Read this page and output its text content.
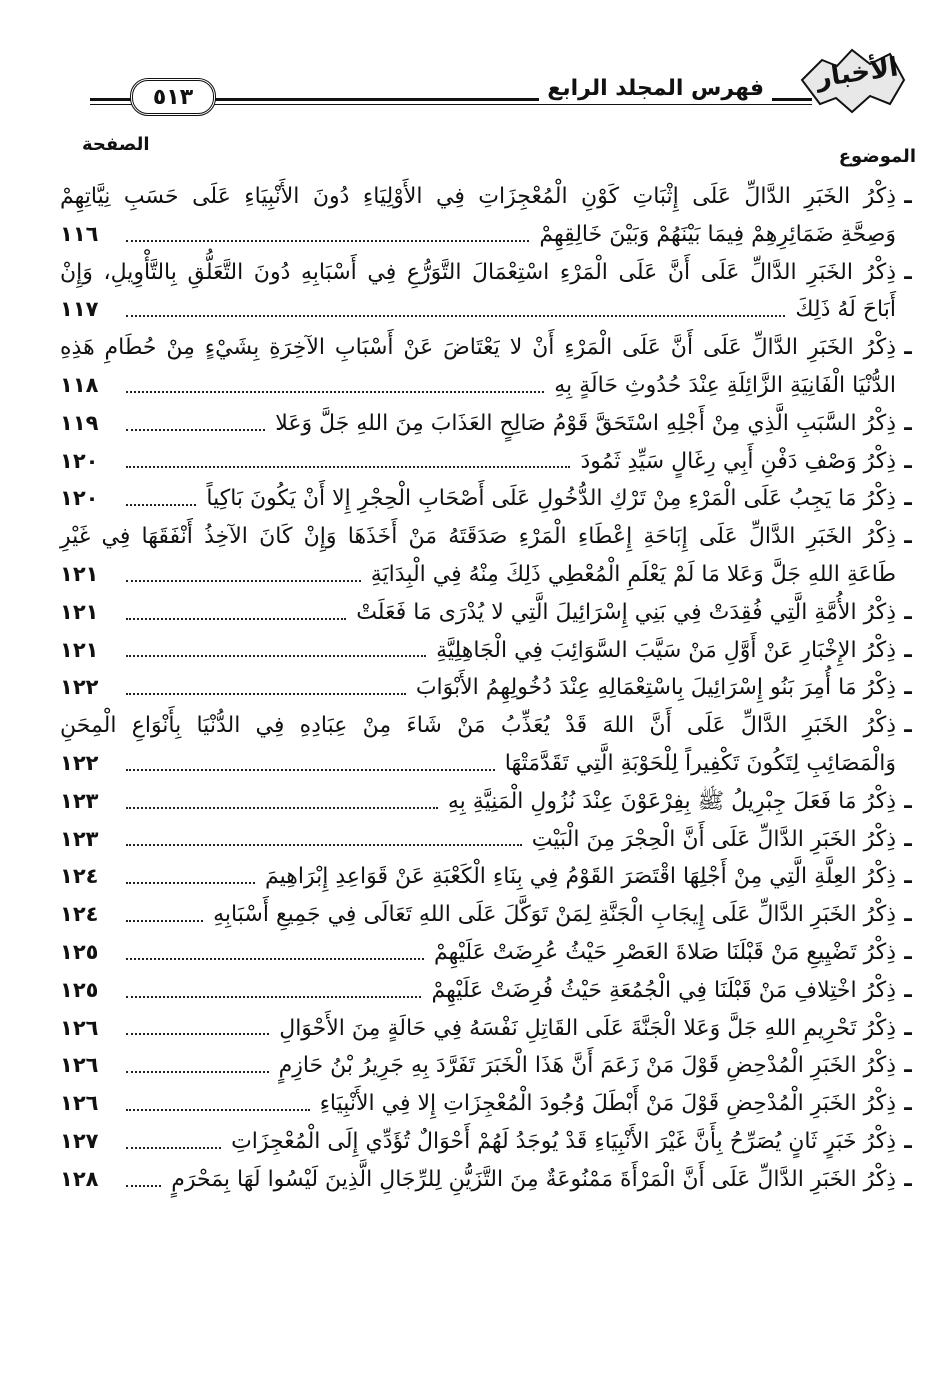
٥١٣	فهرس المجلد الرابع	الأخبار
الموضوع
الصفحة
ـ
ذِكْرُ الخَبَرِ الدَّالِّ عَلَى إِثْبَاتِ كَوْنِ الْمُعْجِزَاتِ فِي الأَوْلِيَاءِ دُونَ الأَنْبِيَاءِ عَلَى حَسَبِ نِيَّاتِهِمْ
وَصِحَّةِ ضَمَائِرِهِمْ فِيمَا بَيْنَهُمْ وَبَيْنَ خَالِقِهِمْ
١١٦
ـ
ذِكْرُ الخَبَرِ الدَّالِّ عَلَى أَنَّ عَلَى الْمَرْءِ اسْتِعْمَالَ التَّوَرُّعِ فِي أَسْبَابِهِ دُونَ التَّعَلُّقِ بِالتَّأْوِيلِ، وَإِنْ
أَبَاحَ لَهُ ذَلِكَ
١١٧
ـ
ذِكْرُ الخَبَرِ الدَّالِّ عَلَى أَنَّ عَلَى الْمَرْءِ أَنْ لا يَعْتَاضَ عَنْ أَسْبَابِ الآخِرَةِ بِشَيْءٍ مِنْ حُطَامِ هَذِهِ
الدُّنْيَا الْفَانِيَةِ الزَّائِلَةِ عِنْدَ حُدُوثِ حَالَةٍ بِهِ
١١٨
ـ
ذِكْرُ السَّبَبِ الَّذِي مِنْ أَجْلِهِ اسْتَحَقَّ قَوْمُ صَالِحٍ العَذَابَ مِنَ اللهِ جَلَّ وَعَلا
١١٩
ـ
ذِكْرُ وَصْفِ دَفْنِ أَبِي رِغَالٍ سَيِّدِ ثَمُودَ
١٢٠
ـ
ذِكْرُ مَا يَجِبُ عَلَى الْمَرْءِ مِنْ تَرْكِ الدُّخُولِ عَلَى أَصْحَابِ الْحِجْرِ إِلا أَنْ يَكُونَ بَاكِياً
١٢٠
ـ
ذِكْرُ الخَبَرِ الدَّالِّ عَلَى إِبَاحَةِ إِعْطَاءِ الْمَرْءِ صَدَقَتَهُ مَنْ أَخَذَهَا وَإِنْ كَانَ الآخِذُ أَنْفَقَهَا فِي غَيْرِ
طَاعَةِ اللهِ جَلَّ وَعَلا مَا لَمْ يَعْلَمِ الْمُعْطِي ذَلِكَ مِنْهُ فِي الْبِدَايَةِ
١٢١
ـ
ذِكْرُ الأُمَّةِ الَّتِي فُقِدَتْ فِي بَنِي إِسْرَائِيلَ الَّتِي لا يُدْرَى مَا فَعَلَتْ
١٢١
ـ
ذِكْرُ الإِخْبَارِ عَنْ أَوَّلِ مَنْ سَيَّبَ السَّوَائِبَ فِي الْجَاهِلِيَّةِ
١٢١
ـ
ذِكْرُ مَا أُمِرَ بَنُو إِسْرَائِيلَ بِاسْتِعْمَالِهِ عِنْدَ دُخُولِهِمُ الأَبْوَابَ
١٢٢
ـ
ذِكْرُ الخَبَرِ الدَّالِّ عَلَى أَنَّ اللهَ قَدْ يُعَذِّبُ مَنْ شَاءَ مِنْ عِبَادِهِ فِي الدُّنْيَا بِأَنْوَاعِ الْمِحَنِ
وَالْمَصَائِبِ لِتَكُونَ تَكْفِيراً لِلْحَوْبَةِ الَّتِي تَقَدَّمَتْهَا
١٢٢
ـ
ذِكْرُ مَا فَعَلَ جِبْرِيلُ ﷺ بِفِرْعَوْنَ عِنْدَ نُزُولِ الْمَنِيَّةِ بِهِ
١٢٣
ـ
ذِكْرُ الخَبَرِ الدَّالِّ عَلَى أَنَّ الْحِجْرَ مِنَ الْبَيْتِ
١٢٣
ـ
ذِكْرُ العِلَّةِ الَّتِي مِنْ أَجْلِهَا اقْتَصَرَ القَوْمُ فِي بِنَاءِ الْكَعْبَةِ عَنْ قَوَاعِدِ إِبْرَاهِيمَ
١٢٤
ـ
ذِكْرُ الخَبَرِ الدَّالِّ عَلَى إِيجَابِ الْجَنَّةِ لِمَنْ تَوَكَّلَ عَلَى اللهِ تَعَالَى فِي جَمِيعِ أَسْبَابِهِ
١٢٤
ـ
ذِكْرُ تَضْيِيعِ مَنْ قَبْلَنَا صَلاةَ العَصْرِ حَيْثُ عُرِضَتْ عَلَيْهِمْ
١٢٥
ـ
ذِكْرُ اخْتِلافِ مَنْ قَبْلَنَا فِي الْجُمُعَةِ حَيْثُ فُرِضَتْ عَلَيْهِمْ
١٢٥
ـ
ذِكْرُ تَحْرِيمِ اللهِ جَلَّ وَعَلا الْجَنَّةَ عَلَى القَاتِلِ نَفْسَهُ فِي حَالَةٍ مِنَ الأَحْوَالِ
١٢٦
ـ
ذِكْرُ الخَبَرِ الْمُدْحِضِ قَوْلَ مَنْ زَعَمَ أَنَّ هَذَا الْخَبَرَ تَفَرَّدَ بِهِ جَرِيرُ بْنُ حَازِمٍ
١٢٦
ـ
ذِكْرُ الخَبَرِ الْمُدْحِضِ قَوْلَ مَنْ أَبْطَلَ وُجُودَ الْمُعْجِزَاتِ إِلا فِي الأَنْبِيَاءِ
١٢٦
ـ
ذِكْرُ خَبَرٍ ثَانٍ يُصَرِّحُ بِأَنَّ غَيْرَ الأَنْبِيَاءِ قَدْ يُوجَدُ لَهُمْ أَحْوَالٌ تُؤَدِّي إِلَى الْمُعْجِزَاتِ
١٢٧
ـ
ذِكْرُ الخَبَرِ الدَّالِّ عَلَى أَنَّ الْمَرْأَةَ مَمْنُوعَةٌ مِنَ التَّزَيُّنِ لِلرِّجَالِ الَّذِينَ لَيْسُوا لَهَا بِمَحْرَمٍ
١٢٨
